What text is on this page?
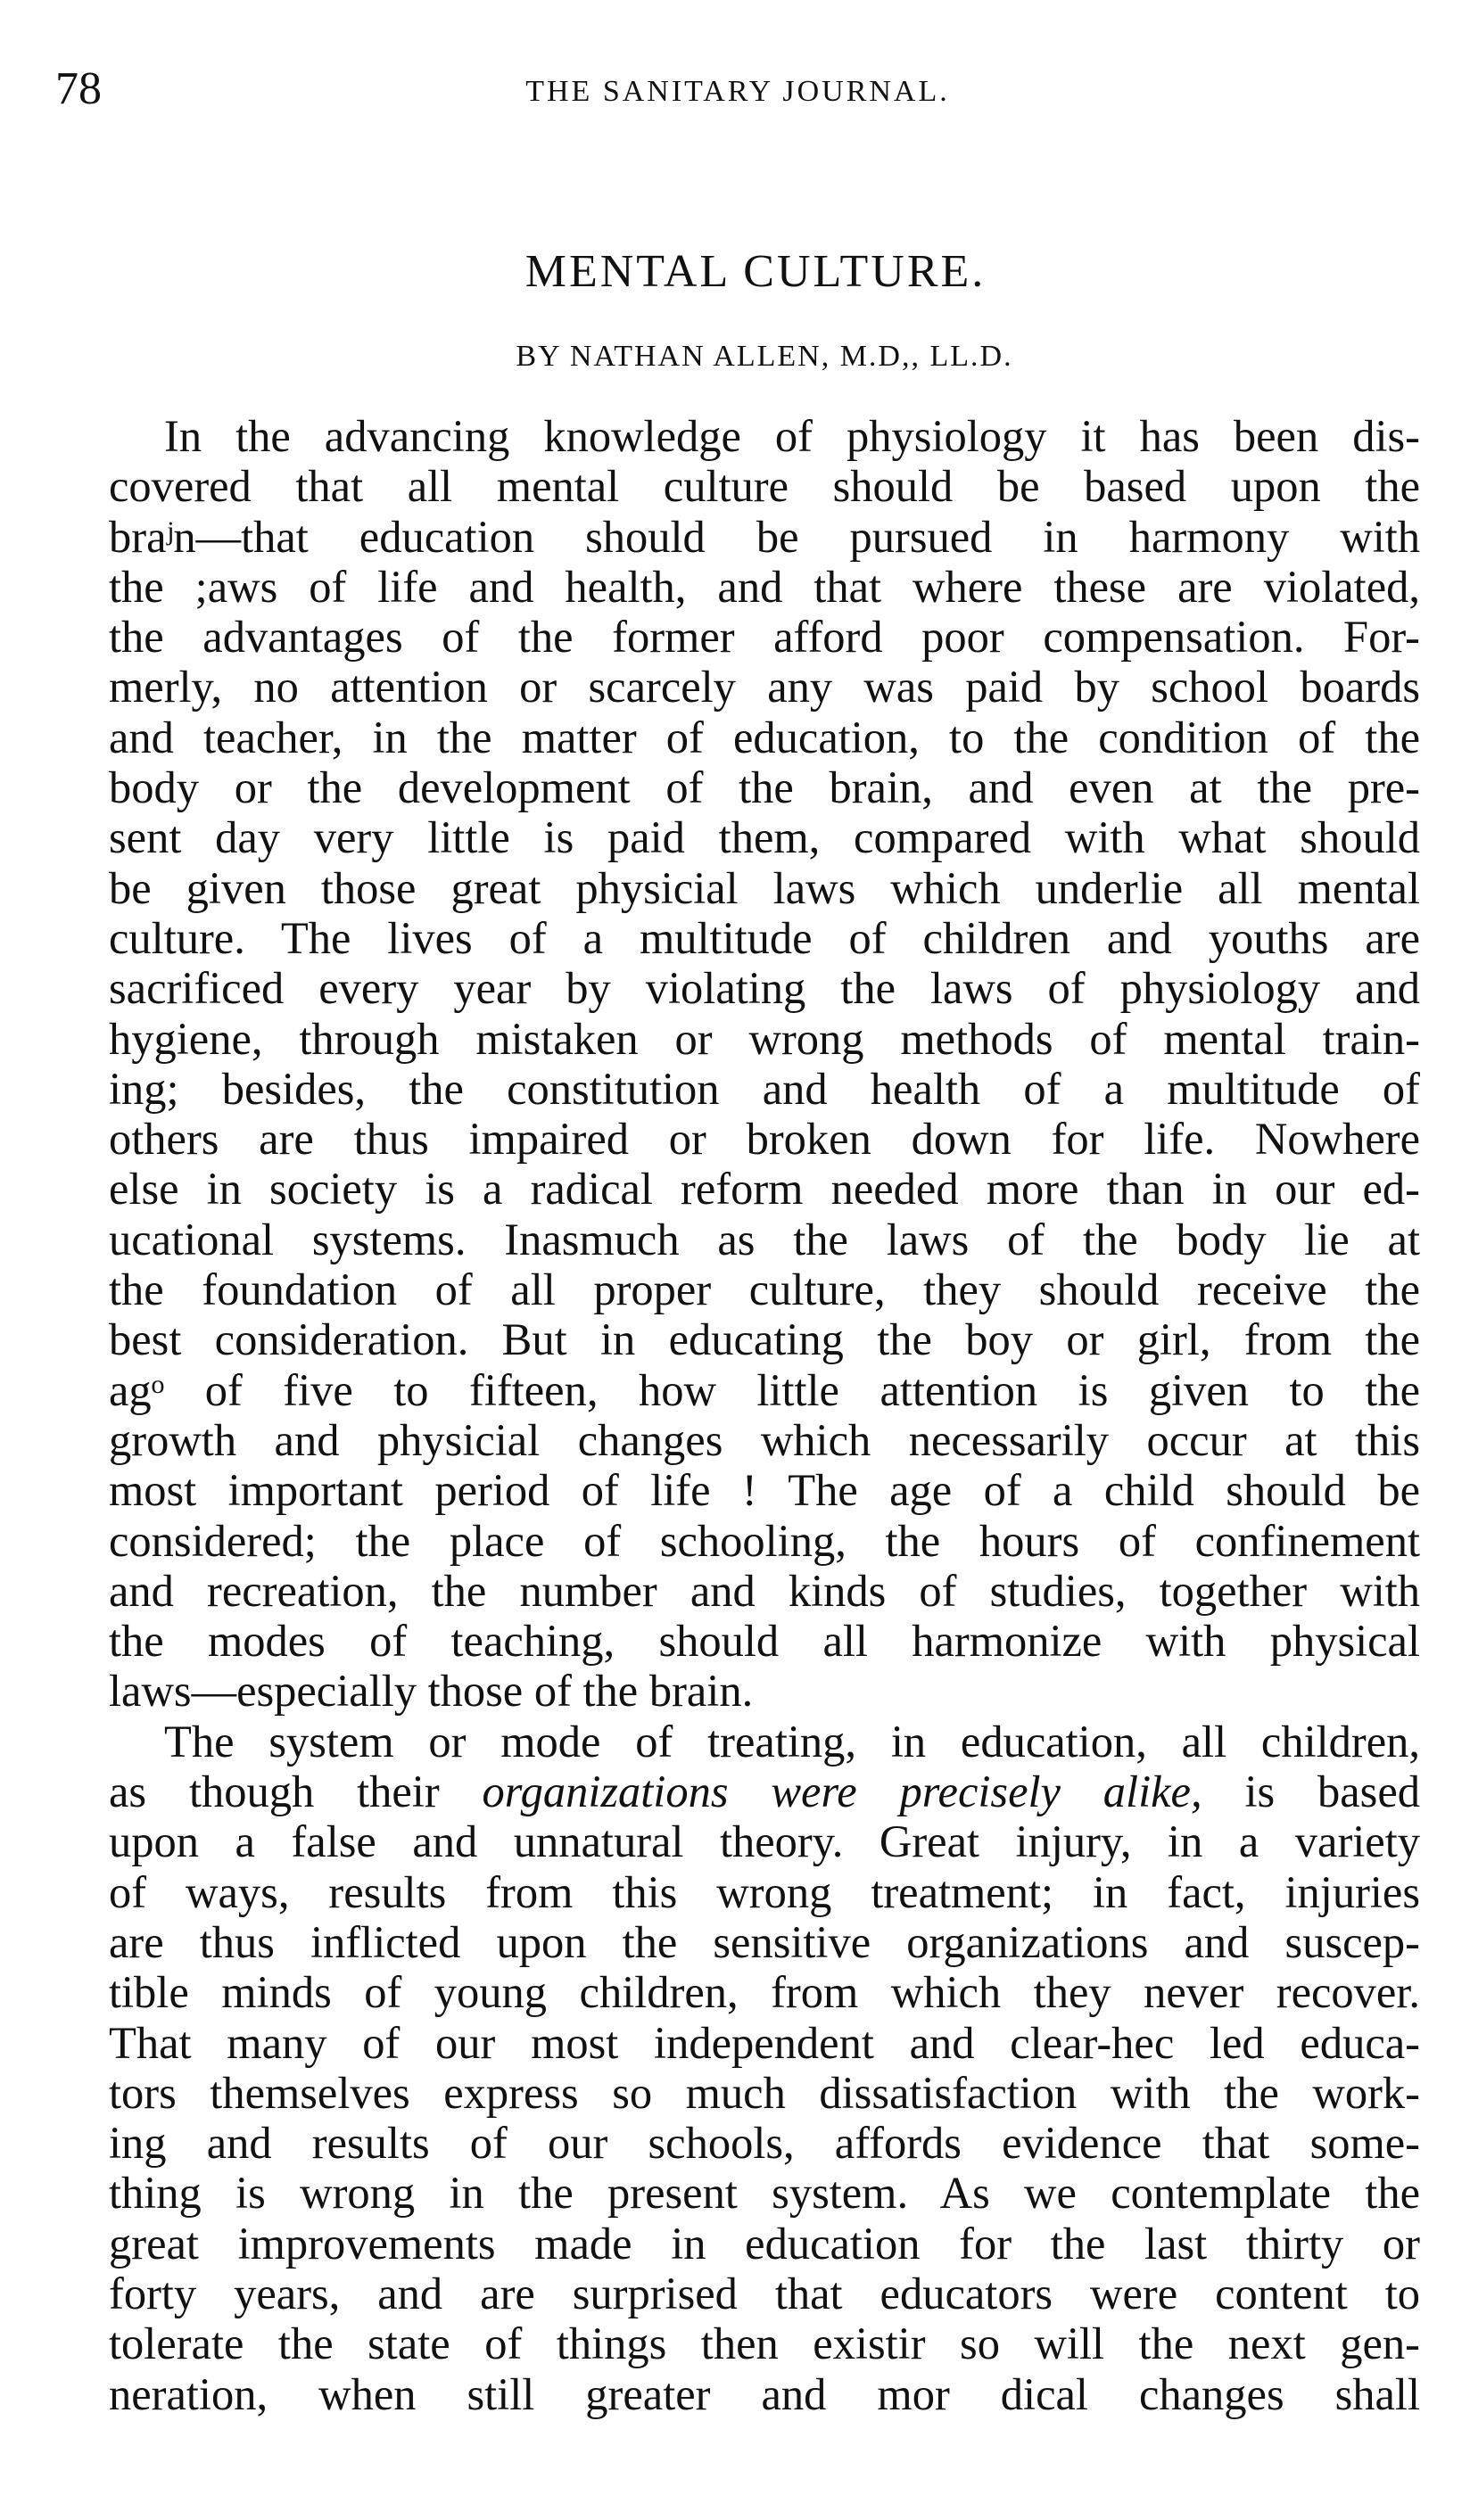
78	THE SANITARY JOURNAL.
MENTAL CULTURE.
BY NATHAN ALLEN, M.D,, LL.D.
In the advancing knowledge of physiology it has been dis-
covered that all mental culture should be based upon the
braʲn—that education should be pursued in harmony with
the ;aws of life and health, and that where these are violated,
the advantages of the former afford poor compensation. For-
merly, no attention or scarcely any was paid by school boards
and teacher, in the matter of education, to the condition of the
body or the development of the brain, and even at the pre-
sent day very little is paid them, compared with what should
be given those great physicial laws which underlie all mental
culture. The lives of a multitude of children and youths are
sacrificed every year by violating the laws of physiology and
hygiene, through mistaken or wrong methods of mental train-
ing; besides, the constitution and health of a multitude of
others are thus impaired or broken down for life. Nowhere
else in society is a radical reform needed more than in our ed-
ucational systems. Inasmuch as the laws of the body lie at
the foundation of all proper culture, they should receive the
best consideration. But in educating the boy or girl, from the
agᵒ of five to fifteen, how little attention is given to the
growth and physicial changes which necessarily occur at this
most important period of life ! The age of a child should be
considered; the place of schooling, the hours of confinement
and recreation, the number and kinds of studies, together with
the modes of teaching, should all harmonize with physical
laws—especially those of the brain.
The system or mode of treating, in education, all children,
as though their organizations were precisely alike, is based
upon a false and unnatural theory. Great injury, in a variety
of ways, results from this wrong treatment; in fact, injuries
are thus inflicted upon the sensitive organizations and suscep-
tible minds of young children, from which they never recover.
That many of our most independent and clear-hec led educa-
tors themselves express so much dissatisfaction with the work-
ing and results of our schools, affords evidence that some-
thing is wrong in the present system. As we contemplate the
great improvements made in education for the last thirty or
forty years, and are surprised that educators were content to
tolerate the state of things then existir so will the next gen-
neration, when still greater and mor dical changes shall
